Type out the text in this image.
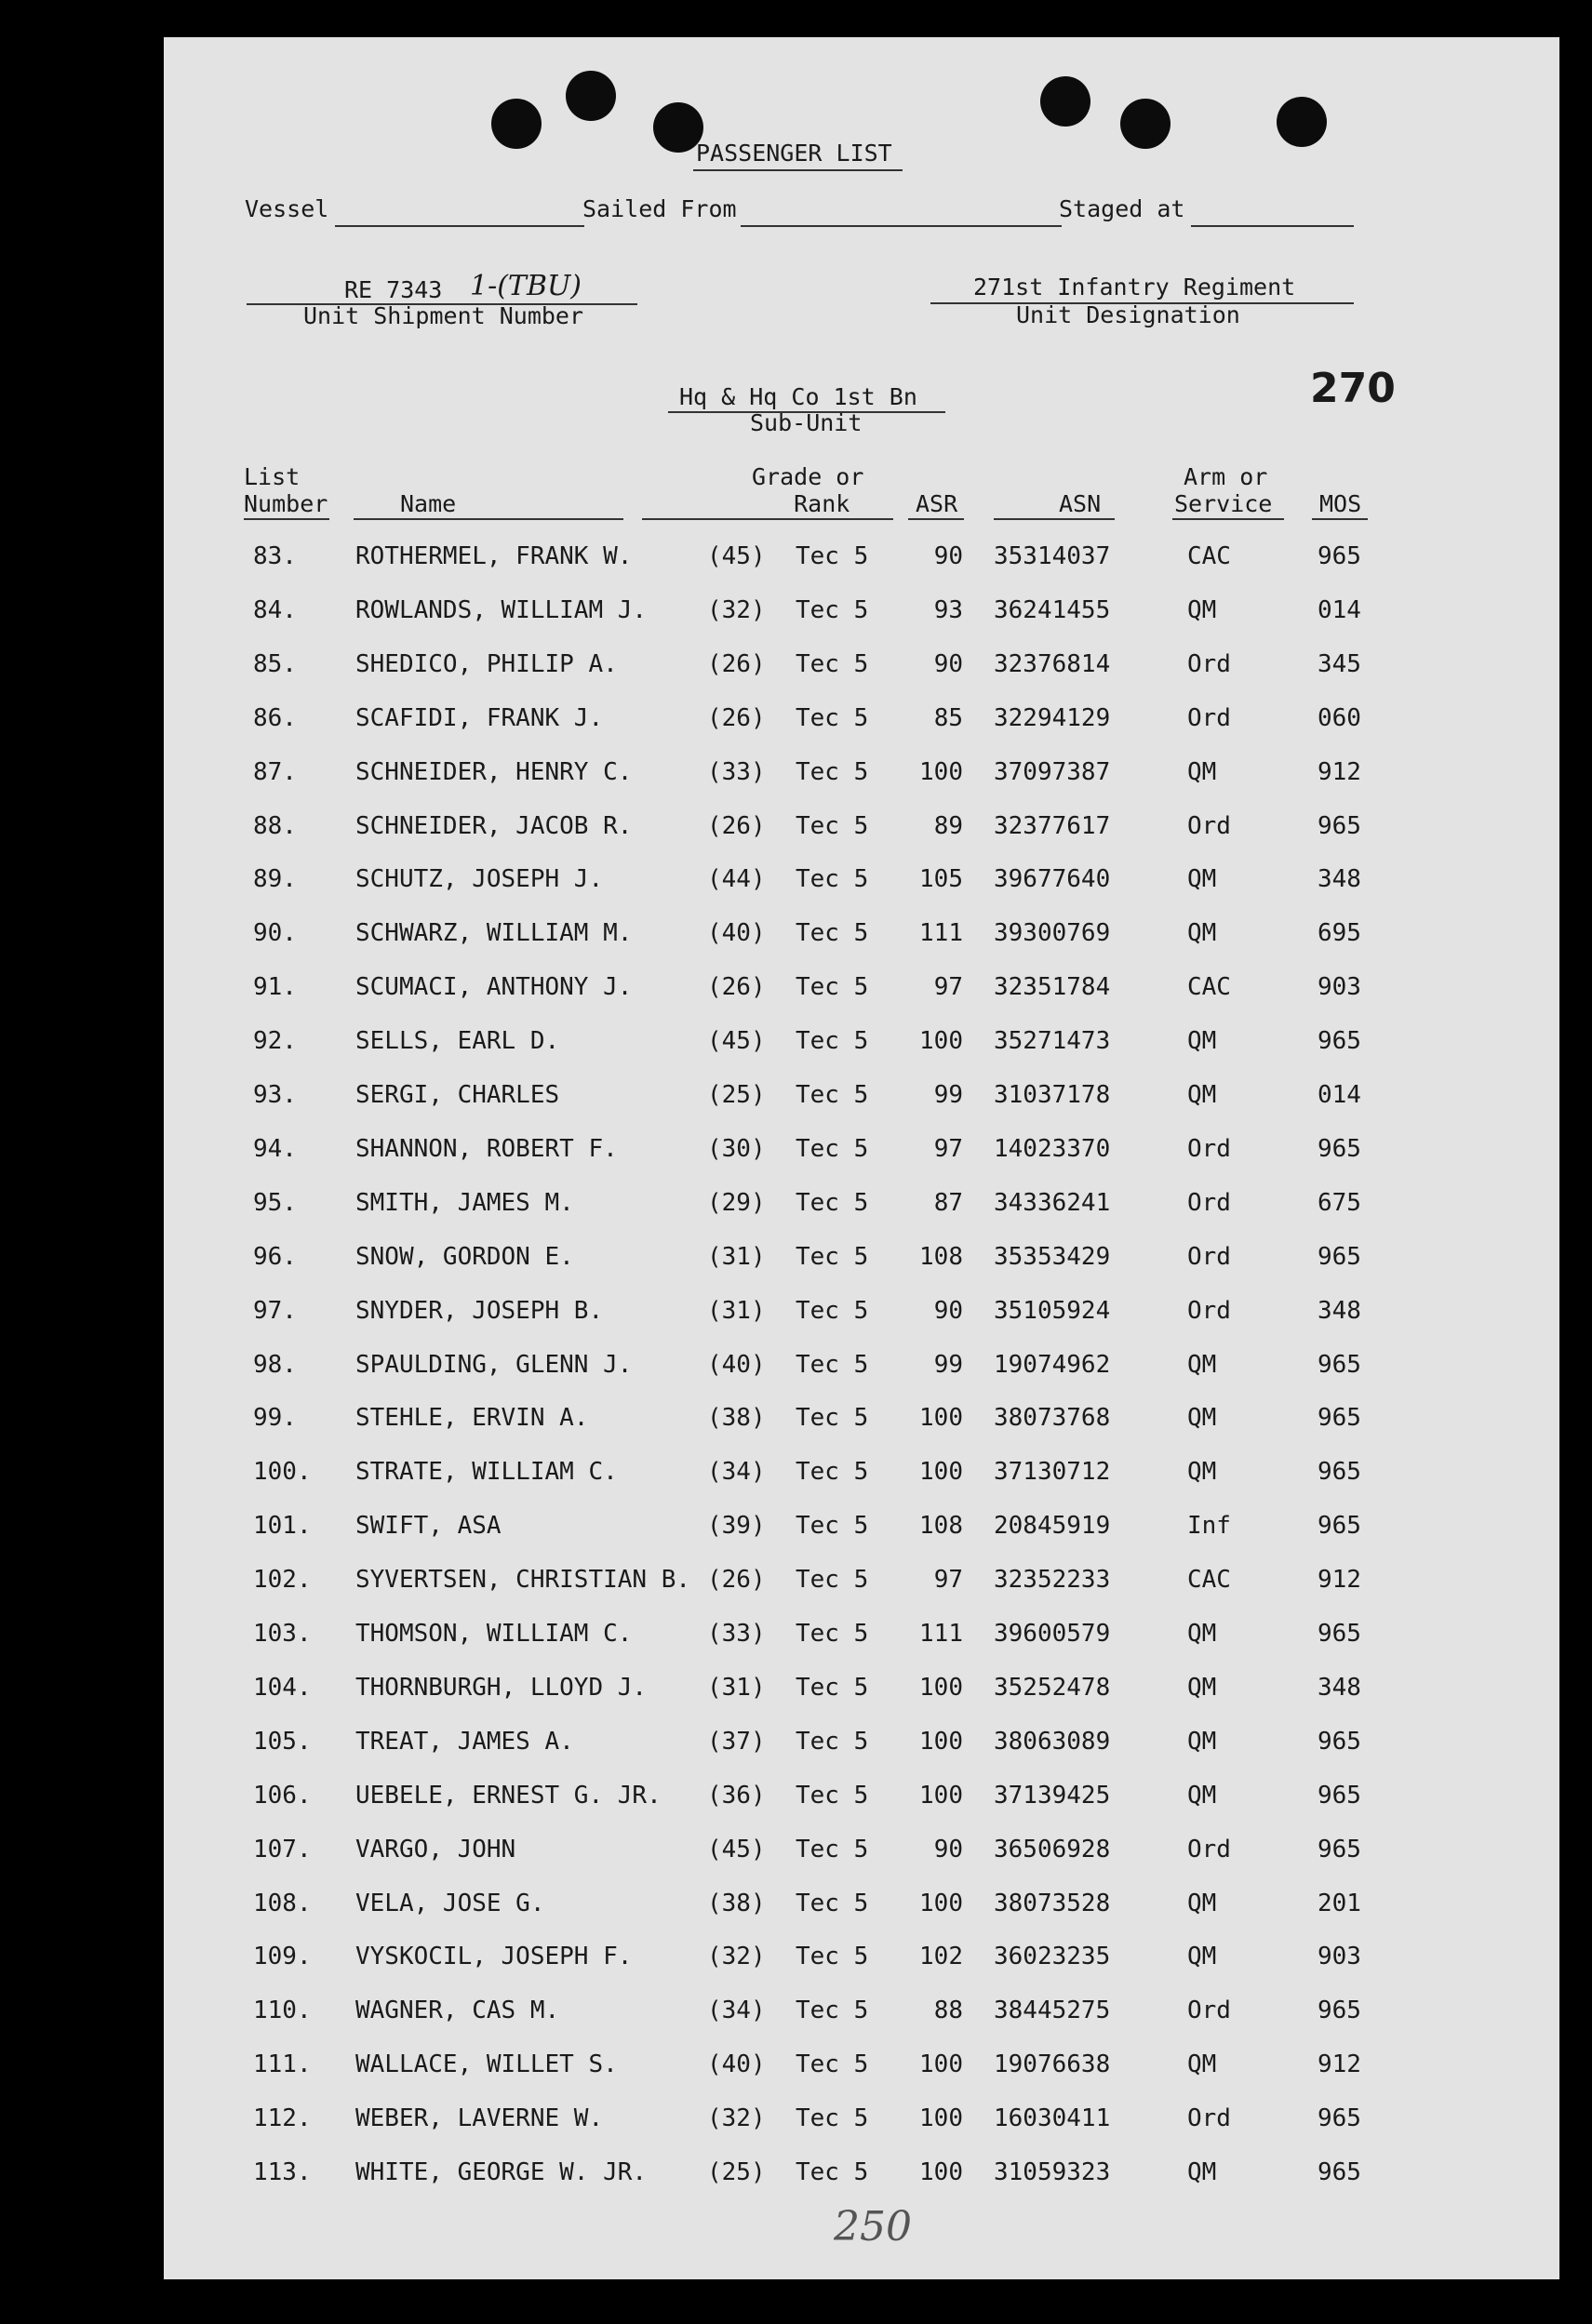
PASSENGER LIST
Vessel	Sailed From	Staged at
RE 7343 1-(TBU)
Unit Shipment Number
271st Infantry Regiment
Unit Designation
270
Hq & Hq Co 1st Bn
Sub-Unit
List
Number	Name
Grade or
Rank	ASR	ASN
Arm or
Service MOS
83. ROTHERMEL, FRANK W.	(45) Tec 5	90 35314037	CAC	965
84. ROWLANDS, WILLIAM J. (32) Tec 5	93 36241455	QM	014
85. SHEDICO, PHILIP A.	(26) Tec 5	90 32376814	Ord	345
86. SCAFIDI, FRANK J.	(26) Tec 5	85 32294129	Ord	060
87. SCHNEIDER, HENRY C.	(33) Tec 5	100 37097387	QM	912
88. SCHNEIDER, JACOB R.	(26) Tec 5	89 32377617	Ord	965
89. SCHUTZ, JOSEPH J.	(44) Tec 5	105 39677640	QM	348
90. SCHWARZ, WILLIAM M.	(40) Tec 5	111 39300769	QM	695
91. SCUMACI, ANTHONY J.	(26) Tec 5	97 32351784	CAC	903
92. SELLS, EARL D.	(45) Tec 5	100 35271473	QM	965
93. SERGI, CHARLES	(25) Tec 5	99 31037178	QM	014
94. SHANNON, ROBERT F.	(30) Tec 5	97 14023370	Ord	965
95. SMITH, JAMES M.	(29) Tec 5	87 34336241	Ord	675
96. SNOW, GORDON E.	(31) Tec 5	108 35353429	Ord	965
97. SNYDER, JOSEPH B.	(31) Tec 5	90 35105924	Ord	348
98. SPAULDING, GLENN J.	(40) Tec 5	99 19074962	QM	965
99. STEHLE, ERVIN A.	(38) Tec 5	100 38073768	QM	965
100. STRATE, WILLIAM C.	(34) Tec 5	100 37130712	QM	965
101. SWIFT, ASA	(39) Tec 5	108 20845919	Inf	965
102. SYVERTSEN, CHRISTIAN B. (26) Tec 5	97 32352233	CAC	912
103. THOMSON, WILLIAM C.	(33) Tec 5	111 39600579	QM	965
104. THORNBURGH, LLOYD J. (31) Tec 5	100 35252478	QM	348
105. TREAT, JAMES A.	(37) Tec 5	100 38063089	QM	965
106. UEBELE, ERNEST G. JR. (36) Tec 5	100 37139425	QM	965
107. VARGO, JOHN	(45) Tec 5	90 36506928	Ord	965
108. VELA, JOSE G.	(38) Tec 5	100 38073528	QM	201
109. VYSKOCIL, JOSEPH F.	(32) Tec 5	102 36023235	QM	903
110. WAGNER, CAS M.	(34) Tec 5	88 38445275	Ord	965
111. WALLACE, WILLET S.	(40) Tec 5	100 19076638	QM	912
112. WEBER, LAVERNE W.	(32) Tec 5	100 16030411	Ord	965
113. WHITE, GEORGE W. JR. (25) Tec 5	100 31059323	QM	965
250
